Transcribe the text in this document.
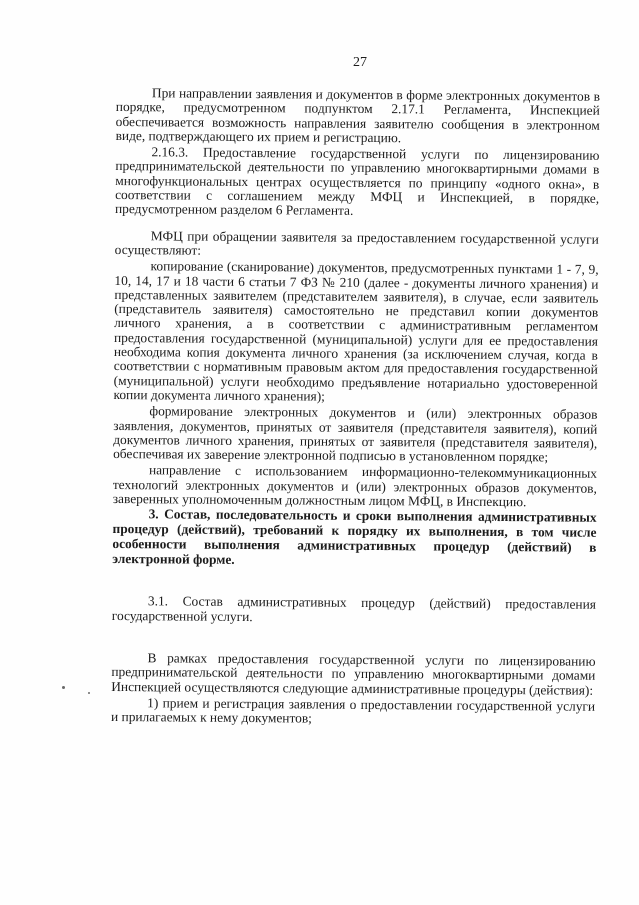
27

При направлении заявления и документов в форме электронных документов в порядке, предусмотренном подпунктом 2.17.1 Регламента, Инспекцией обеспечивается возможность направления заявителю сообщения в электронном виде, подтверждающего их прием и регистрацию.

2.16.3. Предоставление государственной услуги по лицензированию предпринимательской деятельности по управлению многоквартирными домами в многофункциональных центрах осуществляется по принципу «одного окна», в соответствии с соглашением между МФЦ и Инспекцией, в порядке, предусмотренном разделом 6 Регламента.

МФЦ при обращении заявителя за предоставлением государственной услуги осуществляют:

копирование (сканирование) документов, предусмотренных пунктами 1 - 7, 9, 10, 14, 17 и 18 части 6 статьи 7 ФЗ № 210 (далее - документы личного хранения) и представленных заявителем (представителем заявителя), в случае, если заявитель (представитель заявителя) самостоятельно не представил копии документов личного хранения, а в соответствии с административным регламентом предоставления государственной (муниципальной) услуги для ее предоставления необходима копия документа личного хранения (за исключением случая, когда в соответствии с нормативным правовым актом для предоставления государственной (муниципальной) услуги необходимо предъявление нотариально удостоверенной копии документа личного хранения);

формирование электронных документов и (или) электронных образов заявления, документов, принятых от заявителя (представителя заявителя), копий документов личного хранения, принятых от заявителя (представителя заявителя), обеспечивая их заверение электронной подписью в установленном порядке;

направление с использованием информационно-телекоммуникационных технологий электронных документов и (или) электронных образов документов, заверенных уполномоченным должностным лицом МФЦ, в Инспекцию.

3. Состав, последовательность и сроки выполнения административных процедур (действий), требований к порядку их выполнения, в том числе особенности выполнения административных процедур (действий) в электронной форме.

3.1. Состав административных процедур (действий) предоставления государственной услуги.

В рамках предоставления государственной услуги по лицензированию предпринимательской деятельности по управлению многоквартирными домами Инспекцией осуществляются следующие административные процедуры (действия):

1) прием и регистрация заявления о предоставлении государственной услуги и прилагаемых к нему документов;
